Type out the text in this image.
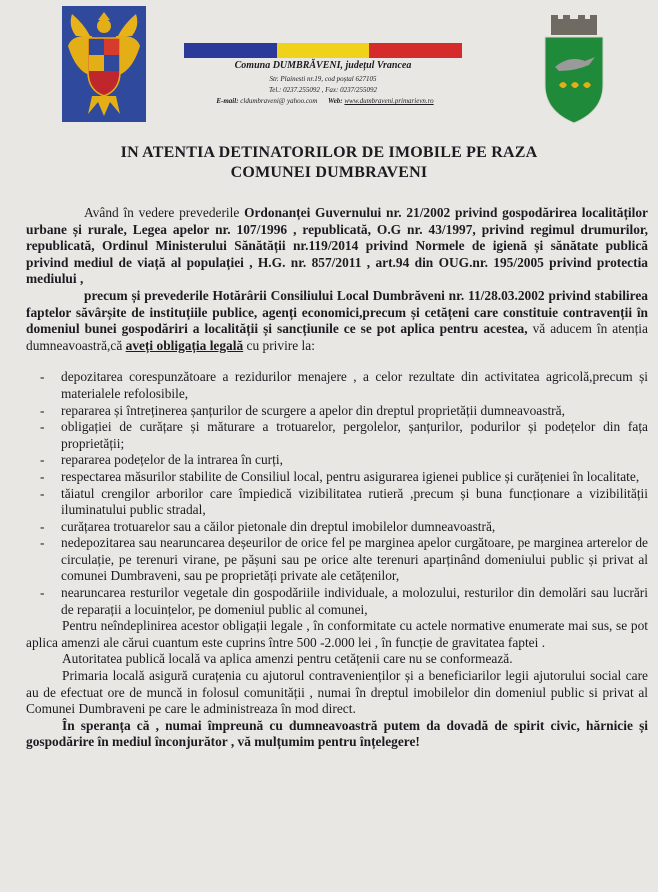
Comuna DUMBRĂVENI, județul Vrancea
Str. Plainesti nr.19, cod poștal 627105
Tel.: 0237.255092 , Fax: 0237/255092
E-mail: cldumbraveni@ yahoo.com Web: www.dumbraveni.primarievn.ro
IN ATENTIA DETINATORILOR DE IMOBILE PE RAZA
COMUNEI DUMBRAVENI

Având în vedere prevederile Ordonanței Guvernului nr. 21/2002 privind gospodărirea localităților urbane și rurale, Legea apelor nr. 107/1996 , republicată, O.G nr. 43/1997, privind regimul drumurilor, republicată, Ordinul Ministerului Sănătății nr.119/2014 privind Normele de igienă și sănătate publică privind mediul de viață al populației , H.G. nr. 857/2011 , art.94 din OUG.nr. 195/2005 privind protectia mediului ,

precum și prevederile Hotărârii Consiliului Local Dumbrăveni nr. 11/28.03.2002 privind stabilirea faptelor săvârșite de instituțiile publice, agenți economici,precum și cetățeni care constituie contravenții în domeniul bunei gospodăriri a localității și sancțiunile ce se pot aplica pentru acestea, vă aducem în atenția dumneavoastră,că aveți obligația legală cu privire la:

- depozitarea corespunzătoare a rezidurilor menajere , a celor rezultate din activitatea agricolă,precum și materialele refolosibile,
- repararea și întreținerea șanțurilor de scurgere a apelor din dreptul proprietății dumneavoastră,
- obligației de curățare și măturare a trotuarelor, pergolelor, șanțurilor, podurilor și podețelor din fața proprietății;
- repararea podețelor de la intrarea în curți,
- respectarea măsurilor stabilite de Consiliul local, pentru asigurarea igienei publice și curățeniei în localitate,
- tăiatul crengilor arborilor care împiedică vizibilitatea rutieră ,precum și buna funcționare a vizibilității iluminatului public stradal,
- curățarea trotuarelor sau a căilor pietonale din dreptul imobilelor dumneavoastră,
- nedepozitarea sau nearuncarea deșeurilor de orice fel pe marginea apelor curgătoare, pe marginea arterelor de circulație, pe terenuri virane, pe pășuni sau pe orice alte terenuri aparținând domeniului public și privat al comunei Dumbraveni, sau pe proprietăți private ale cetățenilor,
- nearuncarea resturilor vegetale din gospodăriile individuale, a molozului, resturilor din demolări sau lucrări de reparații a locuințelor, pe domeniul public al comunei,

Pentru neîndeplinirea acestor obligații legale , în conformitate cu actele normative enumerate mai sus, se pot aplica amenzi ale cărui cuantum este cuprins între 500 -2.000 lei , în funcție de gravitatea faptei .

Autoritatea publică locală va aplica amenzi pentru cetățenii care nu se conformează.

Primaria locală asigură curațenia cu ajutorul contravenienților și a beneficiarilor legii ajutorului social care au de efectuat ore de muncă in folosul comunității , numai în dreptul imobilelor din domeniul public si privat al Comunei Dumbraveni pe care le administreaza în mod direct.

În speranța că , numai împreună cu dumneavoastră putem da dovadă de spirit civic, hărnicie și gospodărire în mediul înconjurător , vă mulțumim pentru înțelegere!
